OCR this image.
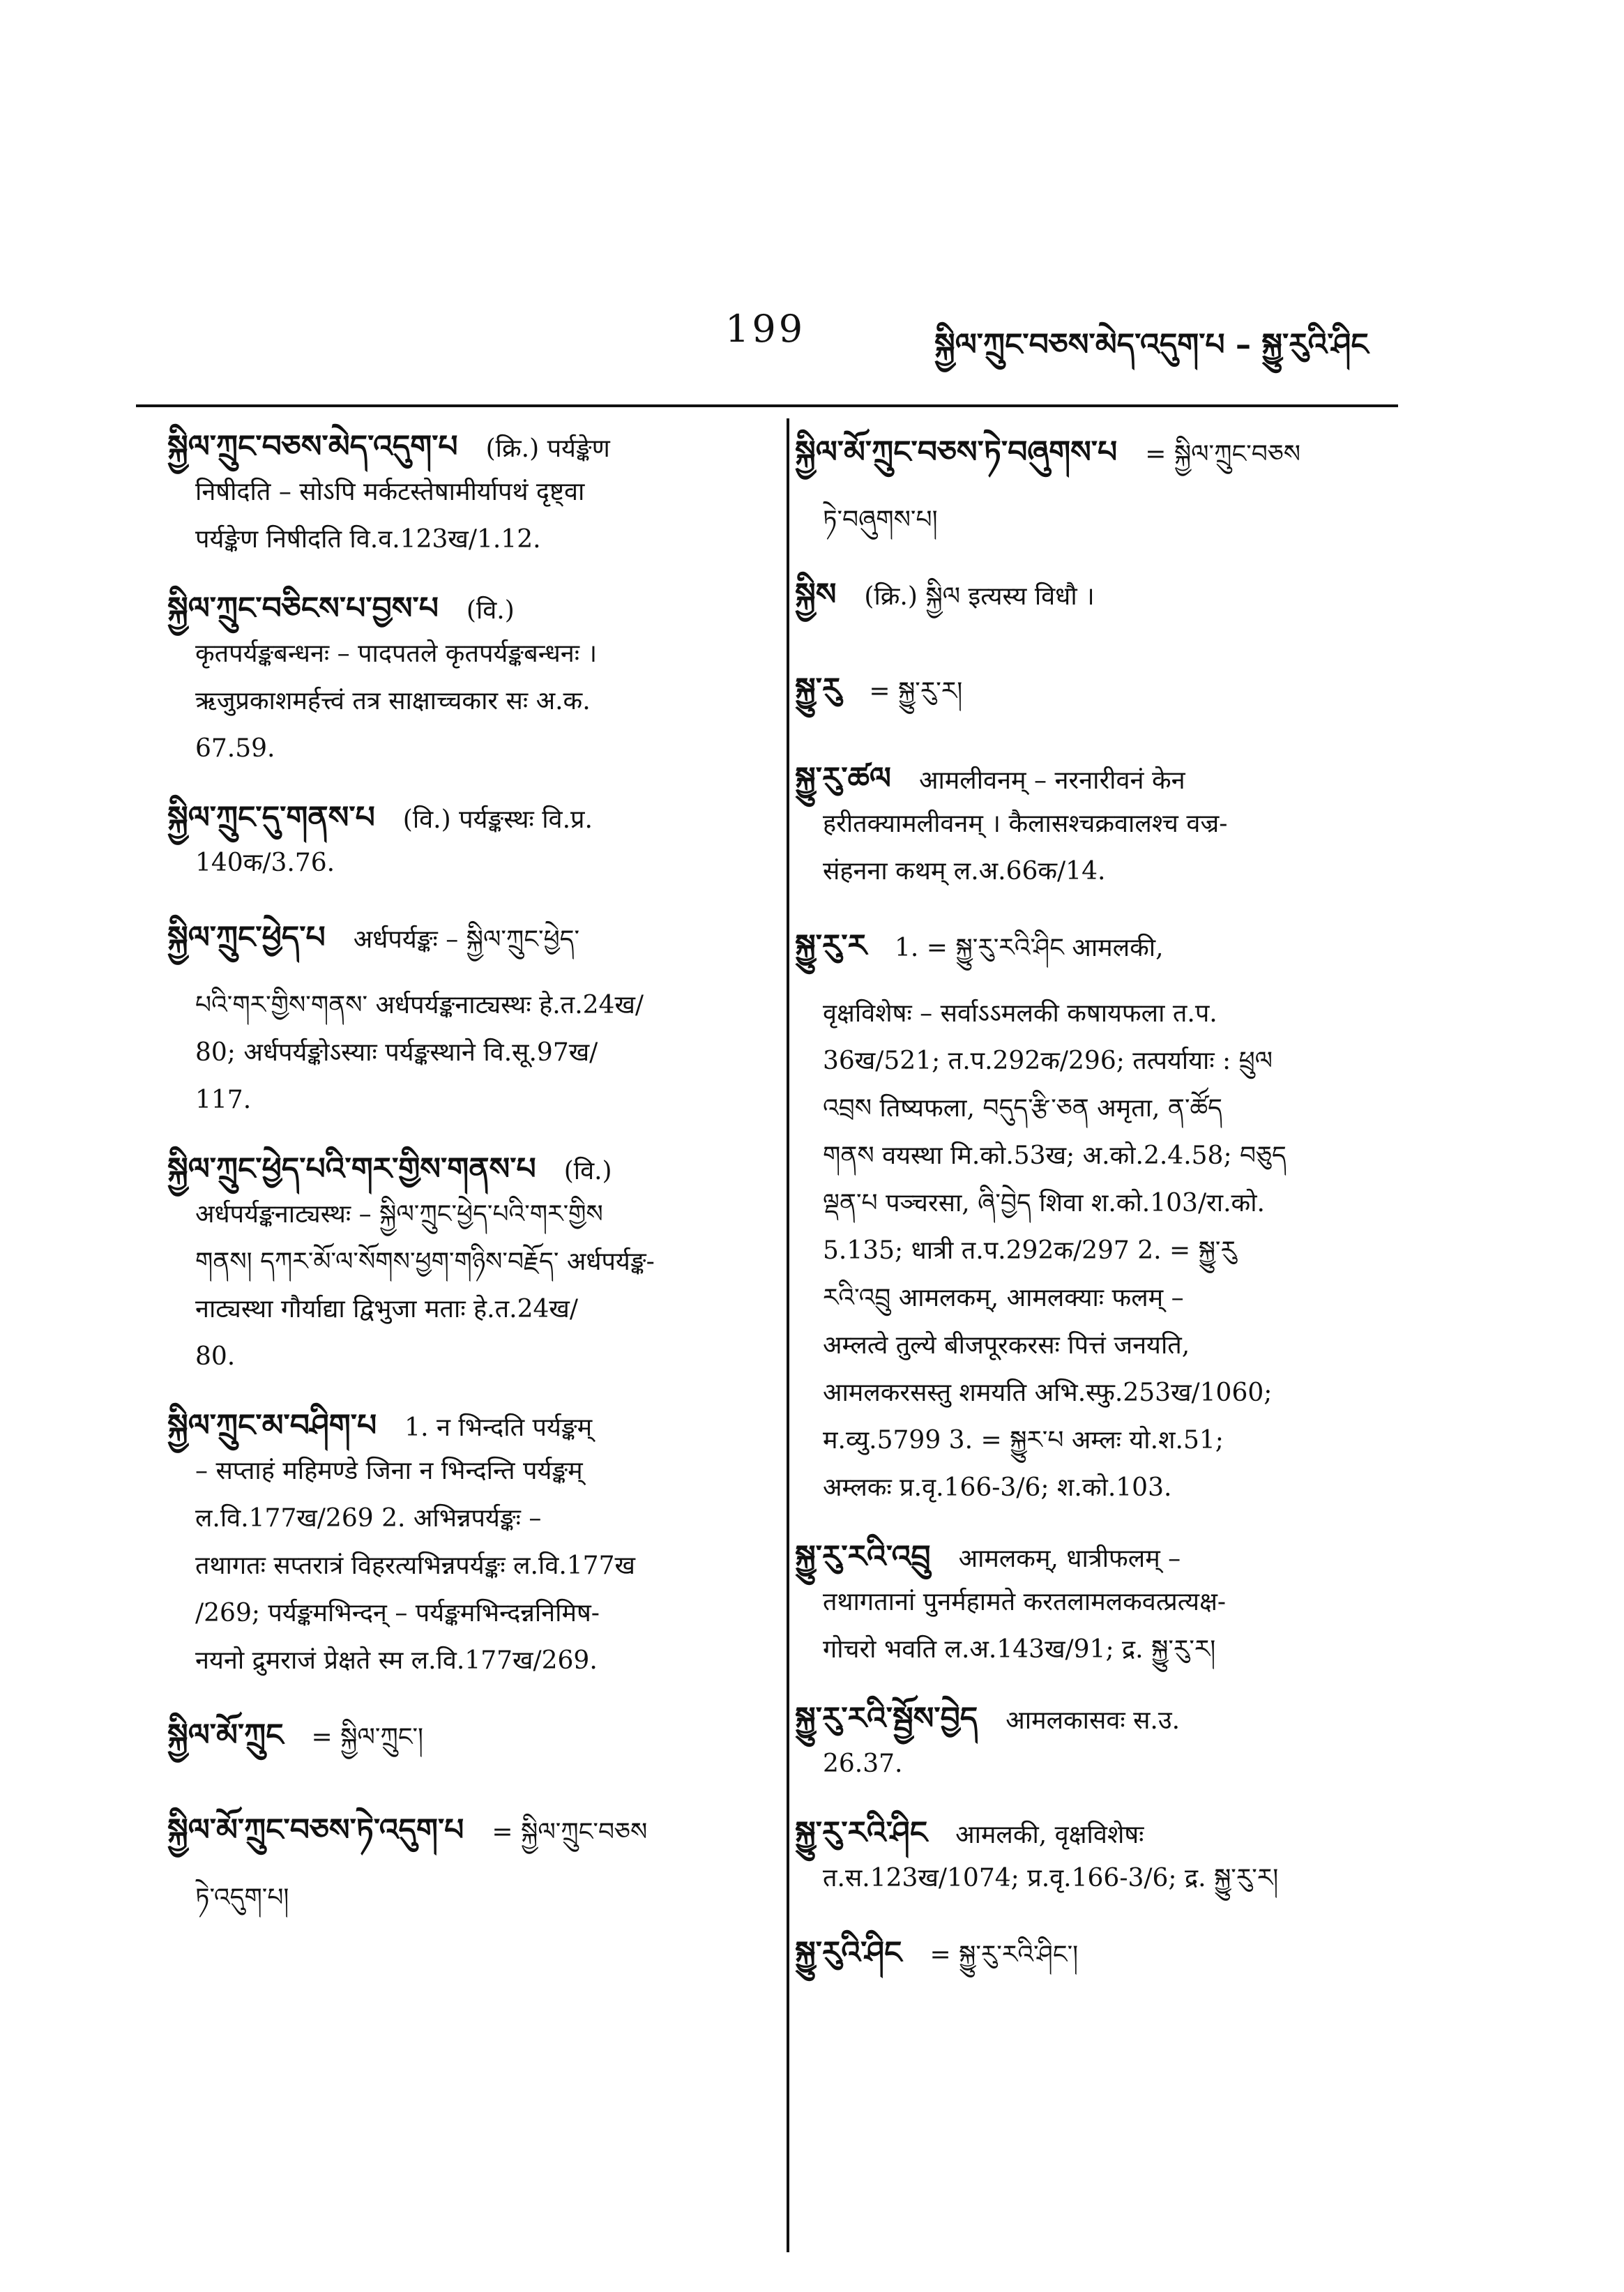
199	སྐྱིལ་ཀྲུང་བཅས་མེད་འདུག་པ – སྐྱུ་རུའི་ཤིང
སྐྱིལ་ཀྲུང་བཅས་མེད་འདུག་པ (क्रि.) पर्यङ्केण
निषीदति – सोऽपि मर्कटस्तेषामीर्यापथं दृष्ट्वा
पर्यङ्केण निषीदति वि.व.123ख/1.12.
སྐྱིལ་ཀྲུང་བཅིངས་པ་བྱས་པ (वि.)
कृतपर्यङ्कबन्धनः – पादपतले कृतपर्यङ्कबन्धनः ।
ऋजुप्रकाशमर्हत्त्वं तत्र साक्षाच्चकार सः अ.क.
67.59.
སྐྱིལ་ཀྲུང་དུ་གནས་པ (वि.) पर्यङ्कस्थः वि.प्र.
140क/3.76.
སྐྱིལ་ཀྲུང་ཕྱེད་པ अर्धपर्यङ्कः – སྐྱིལ་ཀྲུང་ཕྱེད་
པའི་གར་གྱིས་གནས་ अर्धपर्यङ्कनाट्यस्थः हे.त.24ख/
80; अर्धपर्यङ्कोऽस्याः पर्यङ्कस्थाने वि.सू.97ख/
117.
སྐྱིལ་ཀྲུང་ཕྱེད་པའི་གར་གྱིས་གནས་པ (वि.)
अर्धपर्यङ्कनाट्यस्थः – སྐྱིལ་ཀྲུང་ཕྱེད་པའི་གར་གྱིས
གནས། དཀར་མོ་ལ་སོགས་ཕྱག་གཉིས་བརྗོད་ अर्धपर्यङ्क-
नाट्यस्था गौर्याद्या द्विभुजा मताः हे.त.24ख/
80.
སྐྱིལ་ཀྲུང་མ་བཤིག་པ 1. न भिन्दति पर्यङ्कम्
– सप्ताहं महिमण्डे जिना न भिन्दन्ति पर्यङ्कम्
ल.वि.177ख/269 2. अभिन्नपर्यङ्कः –
तथागतः सप्तरात्रं विहरत्यभिन्नपर्यङ्कः ल.वि.177ख
/269; पर्यङ्कमभिन्दन् – पर्यङ्कमभिन्दन्ननिमिष-
नयनो द्रुमराजं प्रेक्षते स्म ल.वि.177ख/269.
སྐྱིལ་མོ་ཀྲུང = སྐྱིལ་ཀྲུང་།
སྐྱིལ་མོ་ཀྲུང་བཅས་ཏེ་འདུག་པ = སྐྱིལ་ཀྲུང་བཅས
ཏེ་འདུག་པ།
སྐྱིལ་མོ་ཀྲུང་བཅས་ཏེ་བཞུགས་པ = སྐྱིལ་ཀྲུང་བཅས
ཏེ་བཞུགས་པ།
སྐྱིས (क्रि.) སྐྱིལ इत्यस्य विधौ ।
སྐྱུ་རུ = སྐྱུ་རུ་ར།
སྐྱུ་རུ་ཚལ आमलीवनम् – नरनारीवनं केन
हरीतक्यामलीवनम् । कैलासश्चक्रवालश्च वज्र-
संहनना कथम् ल.अ.66क/14.
སྐྱུ་རུ་ར 1. = སྐྱུ་རུ་རའི་ཤིང आमलकी,
वृक्षविशेषः – सर्वाऽऽमलकी कषायफला त.प.
36ख/521; त.प.292क/296; तत्पर्यायाः : ཕྲུལ
འབྲས तिष्यफला, བདུད་རྩི་ཅན अमृता, ན་ཚོད
གནས वयस्था मि.को.53ख; अ.को.2.4.58; བཅུད
ལྡན་པ पञ्चरसा, ཞི་བྱེད शिवा श.को.103/रा.को.
5.135; धात्री त.प.292क/297 2. = སྐྱུ་རུ
རའི་འབྲུ आमलकम्, आमलक्याः फलम् –
अम्लत्वे तुल्ये बीजपूरकरसः पित्तं जनयति,
आमलकरसस्तु शमयति अभि.स्फु.253ख/1060;
म.व्यु.5799 3. = སྐྱུར་པ अम्लः यो.श.51;
अम्लकः प्र.वृ.166-3/6; श.को.103.
སྐྱུ་རུ་རའི་འབྲུ आमलकम्, धात्रीफलम् –
तथागतानां पुनर्महामते करतलामलकवत्प्रत्यक्ष-
गोचरो भवति ल.अ.143ख/91; द्र. སྐྱུ་རུ་ར།
སྐྱུ་རུ་རའི་སྦྱོས་བྱེད आमलकासवः स.उ.
26.37.
སྐྱུ་རུ་རའི་ཤིང आमलकी, वृक्षविशेषः
त.स.123ख/1074; प्र.वृ.166-3/6; द्र. སྐྱུ་རུ་ར།
སྐྱུ་རུའི་ཤིང = སྐྱུ་རུ་རའི་ཤིང་།
